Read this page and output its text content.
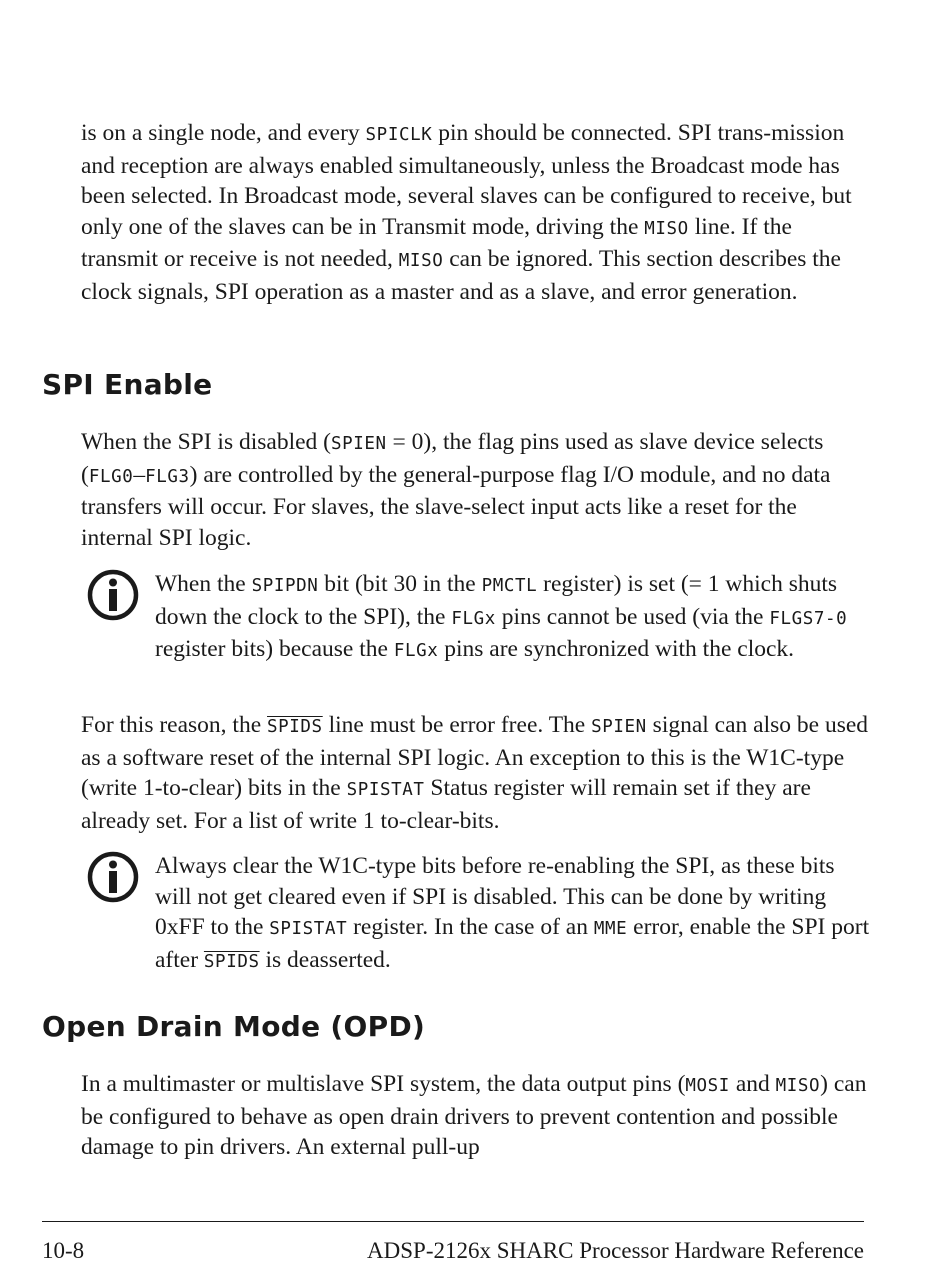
is on a single node, and every SPICLK pin should be connected. SPI trans-mission and reception are always enabled simultaneously, unless the Broadcast mode has been selected. In Broadcast mode, several slaves can be configured to receive, but only one of the slaves can be in Transmit mode, driving the MISO line. If the transmit or receive is not needed, MISO can be ignored. This section describes the clock signals, SPI operation as a master and as a slave, and error generation.

SPI Enable

When the SPI is disabled (SPIEN = 0), the flag pins used as slave device selects (FLG0–FLG3) are controlled by the general-purpose flag I/O module, and no data transfers will occur. For slaves, the slave-select input acts like a reset for the internal SPI logic.

When the SPIPDN bit (bit 30 in the PMCTL register) is set (= 1 which shuts down the clock to the SPI), the FLGx pins cannot be used (via the FLGS7-0 register bits) because the FLGx pins are synchronized with the clock.

For this reason, the SPIDS line must be error free. The SPIEN signal can also be used as a software reset of the internal SPI logic. An exception to this is the W1C-type (write 1-to-clear) bits in the SPISTAT Status register will remain set if they are already set. For a list of write 1 to-clear-bits.

Always clear the W1C-type bits before re-enabling the SPI, as these bits will not get cleared even if SPI is disabled. This can be done by writing 0xFF to the SPISTAT register. In the case of an MME error, enable the SPI port after SPIDS is deasserted.

Open Drain Mode (OPD)

In a multimaster or multislave SPI system, the data output pins (MOSI and MISO) can be configured to behave as open drain drivers to prevent contention and possible damage to pin drivers. An external pull-up

10-8	ADSP-2126x SHARC Processor Hardware Reference
